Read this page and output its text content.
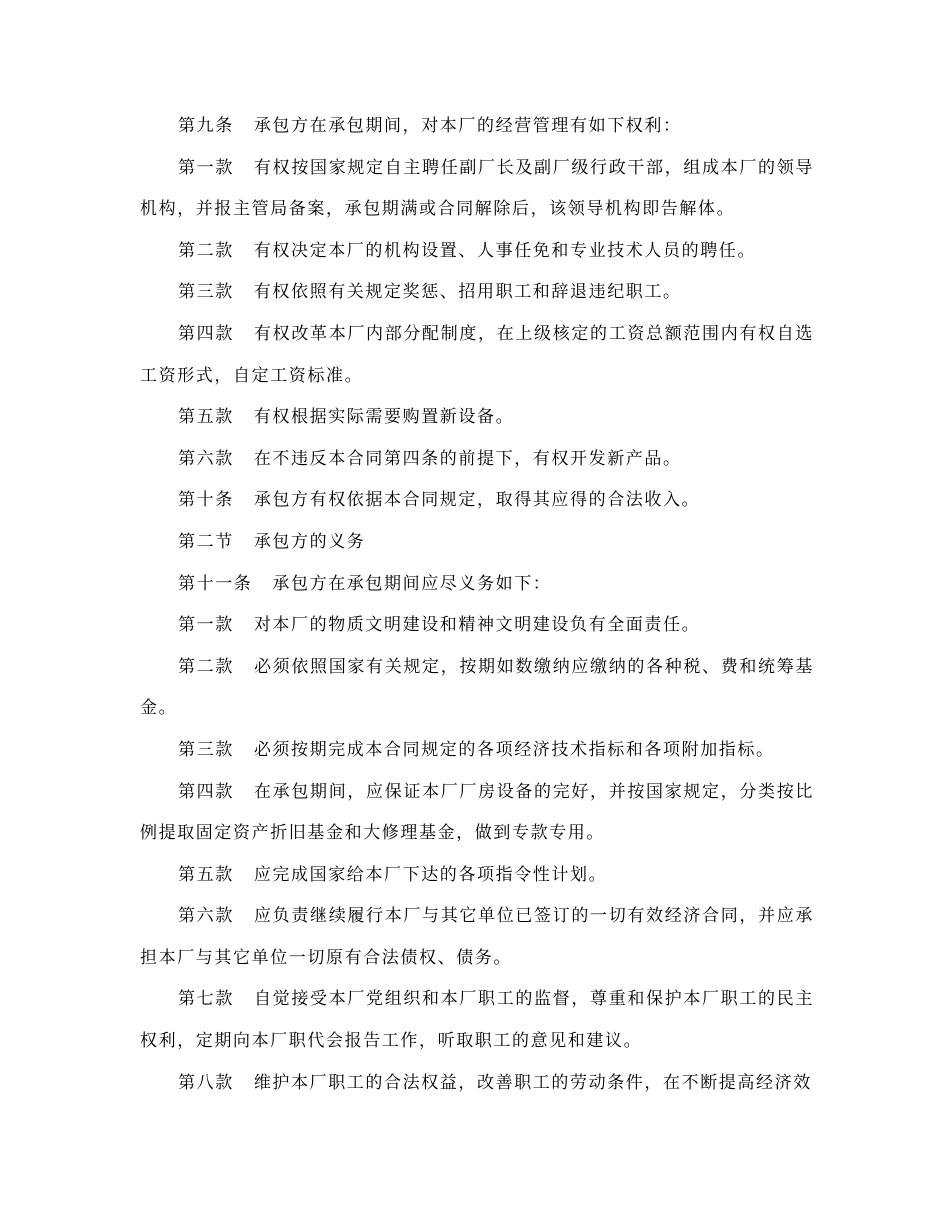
第九条 承包方在承包期间，对本厂的经营管理有如下权利：

第一款 有权按国家规定自主聘任副厂长及副厂级行政干部，组成本厂的领导机构，并报主管局备案，承包期满或合同解除后，该领导机构即告解体。

第二款 有权决定本厂的机构设置、人事任免和专业技术人员的聘任。

第三款 有权依照有关规定奖惩、招用职工和辞退违纪职工。

第四款 有权改革本厂内部分配制度，在上级核定的工资总额范围内有权自选工资形式，自定工资标准。

第五款 有权根据实际需要购置新设备。

第六款 在不违反本合同第四条的前提下，有权开发新产品。

第十条 承包方有权依据本合同规定，取得其应得的合法收入。

第二节 承包方的义务

第十一条 承包方在承包期间应尽义务如下：

第一款 对本厂的物质文明建设和精神文明建设负有全面责任。

第二款 必须依照国家有关规定，按期如数缴纳应缴纳的各种税、费和统筹基金。

第三款 必须按期完成本合同规定的各项经济技术指标和各项附加指标。

第四款 在承包期间，应保证本厂厂房设备的完好，并按国家规定，分类按比例提取固定资产折旧基金和大修理基金，做到专款专用。

第五款 应完成国家给本厂下达的各项指令性计划。

第六款 应负责继续履行本厂与其它单位已签订的一切有效经济合同，并应承担本厂与其它单位一切原有合法债权、债务。

第七款 自觉接受本厂党组织和本厂职工的监督，尊重和保护本厂职工的民主权利，定期向本厂职代会报告工作，听取职工的意见和建议。

第八款 维护本厂职工的合法权益，改善职工的劳动条件，在不断提高经济效
